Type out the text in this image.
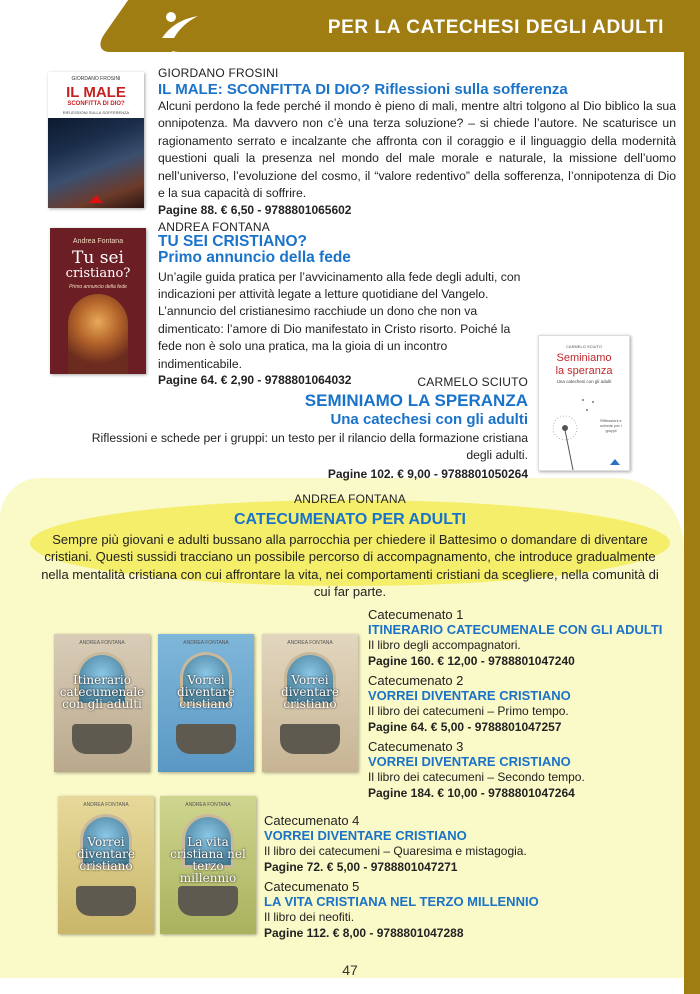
PER LA CATECHESI DEGLI ADULTI
GIORDANO FROSINI
IL MALE
SCONFITTA DI DIO?
RIFLESSIONI SULLA SOFFERENZA
GIORDANO FROSINI
IL MALE: SCONFITTA DI DIO? Riflessioni sulla sofferenza
Alcuni perdono la fede perché il mondo è pieno di mali, mentre altri tolgono al Dio biblico la sua onnipotenza. Ma davvero non c’è una terza soluzione? – si chiede l’autore. Ne scaturisce un ragionamento serrato e incalzante che affronta con il coraggio e il linguaggio della modernità questioni quali la presenza nel mondo del male morale e naturale, la missione dell’uomo nell’universo, l’evoluzione del cosmo, il “valore redentivo” della sofferenza, l’onnipotenza di Dio e la sua capacità di soffrire.
Pagine 88. € 6,50 - 9788801065602
Andrea Fontana
Tu sei
cristiano?
Primo annuncio della fede
ANDREA FONTANA
TU SEI CRISTIANO?
Primo annuncio della fede
Un’agile guida pratica per l’avvicinamento alla fede degli adulti, con indicazioni per attività legate a letture quotidiane del Vangelo. L’annuncio del cristianesimo racchiude un dono che non va dimenticato: l’amore di Dio manifestato in Cristo risorto. Poiché la fede non è solo una pratica, ma la gioia di un incontro indimenticabile.
Pagine 64. € 2,90 - 9788801064032
CARMELO SCIUTO
Seminiamo
la speranza
Una catechesi con gli adulti
Riflessioni e schede per i gruppi
CARMELO SCIUTO
SEMINIAMO LA SPERANZA
Una catechesi con gli adulti
Riflessioni e schede per i gruppi: un testo per il rilancio della formazione cristiana degli adulti.
Pagine 102. € 9,00 - 9788801050264
ANDREA FONTANA
CATECUMENATO PER ADULTI
Sempre più giovani e adulti bussano alla parrocchia per chiedere il Battesimo o domandare di diventare cristiani. Questi sussidi tracciano un possibile percorso di accompagnamento, che introduce gradualmente nella mentalità cristiana con cui affrontare la vita, nei comportamenti cristiani da scegliere, nella comunità di cui far parte.
ANDREA FONTANA
Itinerario catecumenale con gli adulti
ANDREA FONTANA
Vorrei diventare cristiano
ANDREA FONTANA
Vorrei diventare cristiano
ANDREA FONTANA
Vorrei diventare cristiano
ANDREA FONTANA
La vita cristiana nel terzo millennio
Catecumenato 1
ITINERARIO CATECUMENALE CON GLI ADULTI
Il libro degli accompagnatori.
Pagine 160. € 12,00 - 9788801047240
Catecumenato 2
VORREI DIVENTARE CRISTIANO
Il libro dei catecumeni – Primo tempo.
Pagine 64. € 5,00 - 9788801047257
Catecumenato 3
VORREI DIVENTARE CRISTIANO
Il libro dei catecumeni – Secondo tempo.
Pagine 184. € 10,00 - 9788801047264
Catecumenato 4
VORREI DIVENTARE CRISTIANO
Il libro dei catecumeni – Quaresima e mistagogia.
Pagine 72. € 5,00 - 9788801047271
Catecumenato 5
LA VITA CRISTIANA NEL TERZO MILLENNIO
Il libro dei neofiti.
Pagine 112. € 8,00 - 9788801047288
47
